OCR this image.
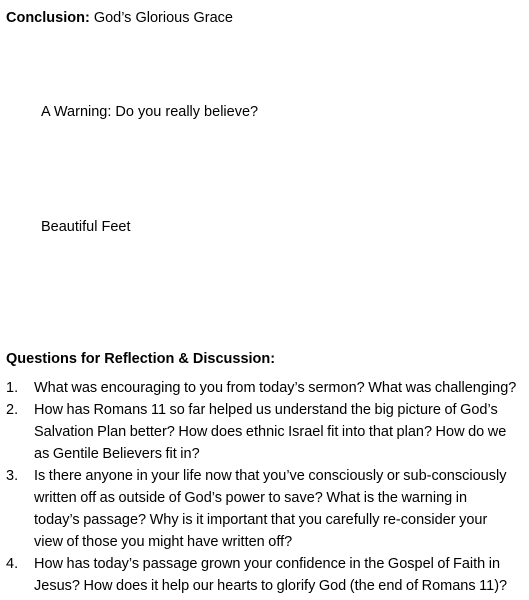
Conclusion: God’s Glorious Grace
A Warning: Do you really believe?
Beautiful Feet
Questions for Reflection & Discussion:
1. What was encouraging to you from today’s sermon? What was challenging?
2. How has Romans 11 so far helped us understand the big picture of God’s
Salvation Plan better? How does ethnic Israel fit into that plan? How do we
as Gentile Believers fit in?
3. Is there anyone in your life now that you’ve consciously or sub-consciously
written off as outside of God’s power to save? What is the warning in
today’s passage? Why is it important that you carefully re-consider your
view of those you might have written off?
4. How has today’s passage grown your confidence in the Gospel of Faith in
Jesus? How does it help our hearts to glorify God (the end of Romans 11)?
